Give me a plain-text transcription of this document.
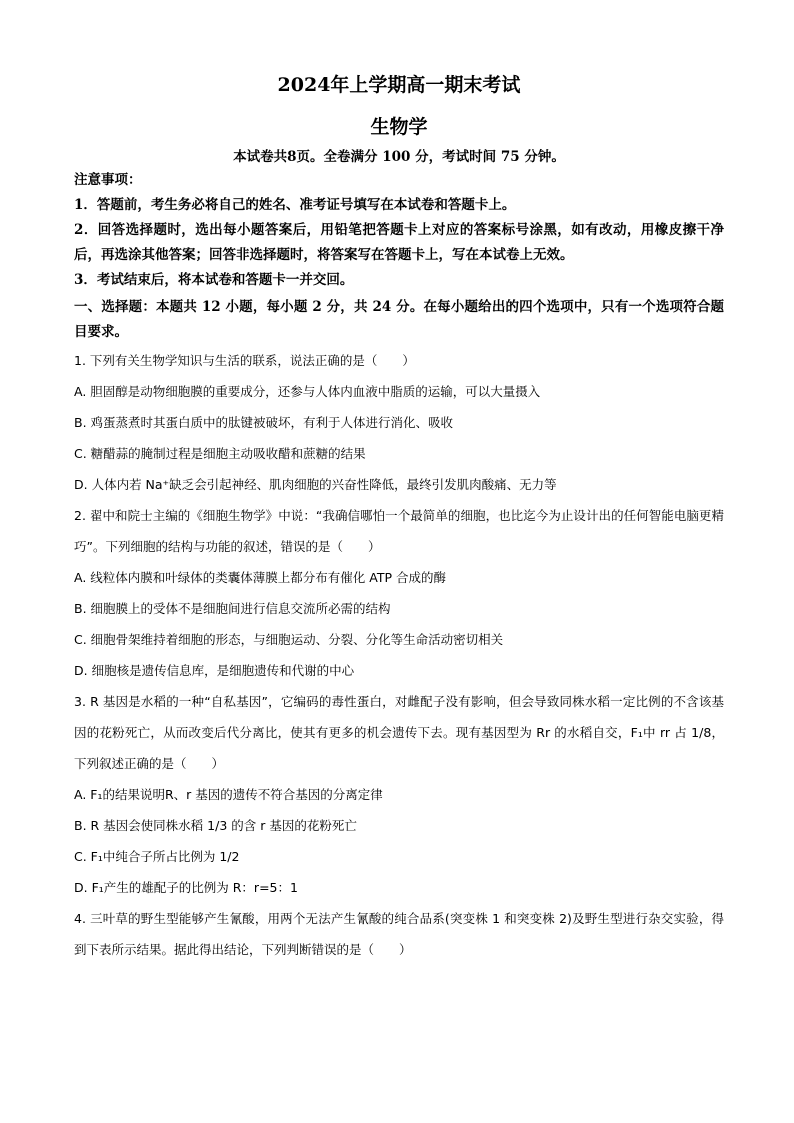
2024年上学期高一期末考试
生物学
本试卷共8页。全卷满分 100 分，考试时间 75 分钟。
注意事项：
1．答题前，考生务必将自己的姓名、准考证号填写在本试卷和答题卡上。
2．回答选择题时，选出每小题答案后，用铅笔把答题卡上对应的答案标号涂黑，如有改动，用橡皮擦干净后，再选涂其他答案；回答非选择题时，将答案写在答题卡上，写在本试卷上无效。
3．考试结束后，将本试卷和答题卡一并交回。
一、选择题：本题共 12 小题，每小题 2 分，共 24 分。在每小题给出的四个选项中，只有一个选项符合题目要求。
1. 下列有关生物学知识与生活的联系，说法正确的是（　　）
A. 胆固醇是动物细胞膜的重要成分，还参与人体内血液中脂质的运输，可以大量摄入
B. 鸡蛋蒸煮时其蛋白质中的肽键被破坏，有利于人体进行消化、吸收
C. 糖醋蒜的腌制过程是细胞主动吸收醋和蔗糖的结果
D. 人体内若 Na⁺缺乏会引起神经、肌肉细胞的兴奋性降低，最终引发肌肉酸痛、无力等
2. 翟中和院士主编的《细胞生物学》中说：“我确信哪怕一个最简单的细胞，也比迄今为止设计出的任何智能电脑更精巧”。下列细胞的结构与功能的叙述，错误的是（　　）
A. 线粒体内膜和叶绿体的类囊体薄膜上都分布有催化 ATP 合成的酶
B. 细胞膜上的受体不是细胞间进行信息交流所必需的结构
C. 细胞骨架维持着细胞的形态，与细胞运动、分裂、分化等生命活动密切相关
D. 细胞核是遗传信息库，是细胞遗传和代谢的中心
3. R 基因是水稻的一种“自私基因”，它编码的毒性蛋白，对雌配子没有影响，但会导致同株水稻一定比例的不含该基因的花粉死亡，从而改变后代分离比，使其有更多的机会遗传下去。现有基因型为 Rr 的水稻自交，F₁中 rr 占 1/8，下列叙述正确的是（　　）
A. F₁的结果说明R、r 基因的遗传不符合基因的分离定律
B. R 基因会使同株水稻 1/3 的含 r 基因的花粉死亡
C. F₁中纯合子所占比例为 1/2
D. F₁产生的雄配子的比例为 R：r=5：1
4. 三叶草的野生型能够产生氰酸，用两个无法产生氰酸的纯合品系(突变株 1 和突变株 2)及野生型进行杂交实验，得到下表所示结果。据此得出结论，下列判断错误的是（　　）
